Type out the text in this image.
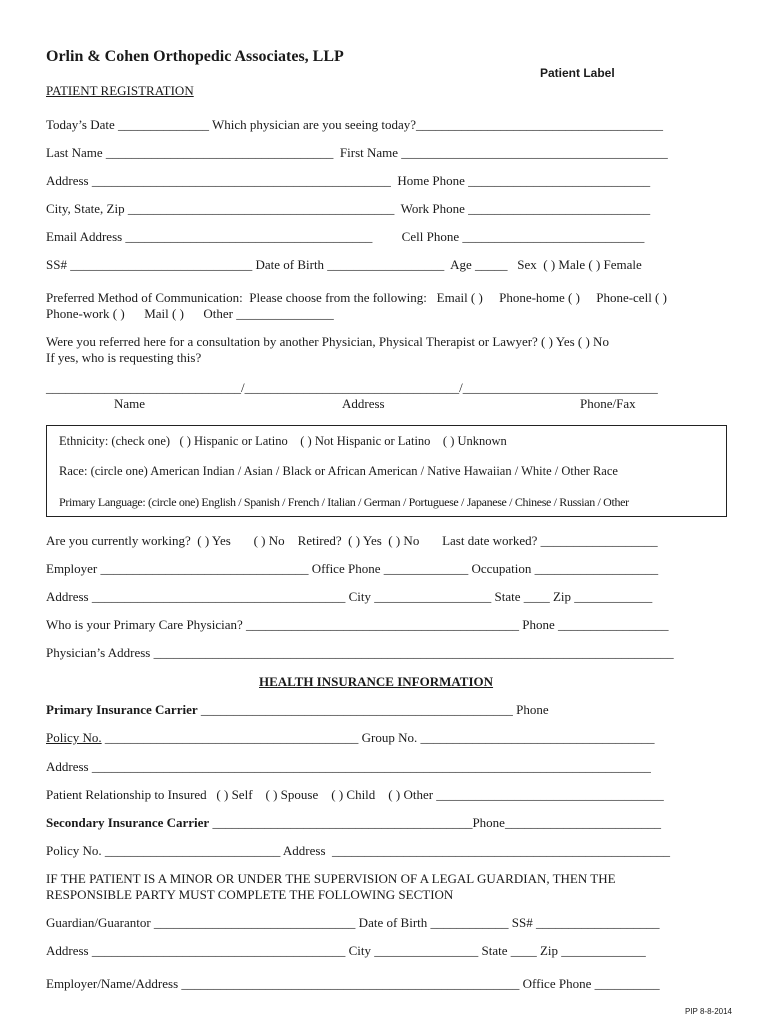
Orlin & Cohen Orthopedic Associates, LLP
Patient Label
PATIENT REGISTRATION
Today’s Date ______________ Which physician are you seeing today?______________________________________
Last Name ___________________________________  First Name _________________________________________
Address ______________________________________________  Home Phone ____________________________
City, State, Zip _________________________________________  Work Phone ____________________________
Email Address ______________________________________         Cell Phone ____________________________
SS# ____________________________ Date of Birth __________________  Age _____   Sex  ( ) Male ( ) Female
Preferred Method of Communication:  Please choose from the following:   Email ( )     Phone-home ( )     Phone-cell ( )
Phone-work ( )      Mail ( )      Other _______________
Were you referred here for a consultation by another Physician, Physical Therapist or Lawyer? ( ) Yes ( ) No
If yes, who is requesting this?
______________________________/_________________________________/______________________________
Name	Address	Phone/Fax
Ethnicity: (check one)   ( ) Hispanic or Latino    ( ) Not Hispanic or Latino    ( ) Unknown
Race: (circle one) American Indian / Asian / Black or African American / Native Hawaiian / White / Other Race
Primary Language: (circle one) English / Spanish / French / Italian / German / Portuguese / Japanese / Chinese / Russian / Other
Are you currently working?  ( ) Yes       ( ) No    Retired?  ( ) Yes  ( ) No       Last date worked? __________________
Employer ________________________________ Office Phone _____________ Occupation ___________________
Address _______________________________________ City __________________ State ____ Zip ____________
Who is your Primary Care Physician? __________________________________________ Phone _________________
Physician’s Address ________________________________________________________________________________
HEALTH INSURANCE INFORMATION
Primary Insurance Carrier ________________________________________________ Phone
Policy No. _______________________________________ Group No. ____________________________________
Address ______________________________________________________________________________________
Patient Relationship to Insured   ( ) Self    ( ) Spouse    ( ) Child    ( ) Other ___________________________________
Secondary Insurance Carrier ________________________________________Phone________________________
Policy No. ___________________________ Address  ____________________________________________________
IF THE PATIENT IS A MINOR OR UNDER THE SUPERVISION OF A LEGAL GUARDIAN, THEN THE
RESPONSIBLE PARTY MUST COMPLETE THE FOLLOWING SECTION
Guardian/Guarantor _______________________________ Date of Birth ____________ SS# ___________________
Address _______________________________________ City ________________ State ____ Zip _____________
Employer/Name/Address ____________________________________________________ Office Phone __________
PIP 8-8-2014
